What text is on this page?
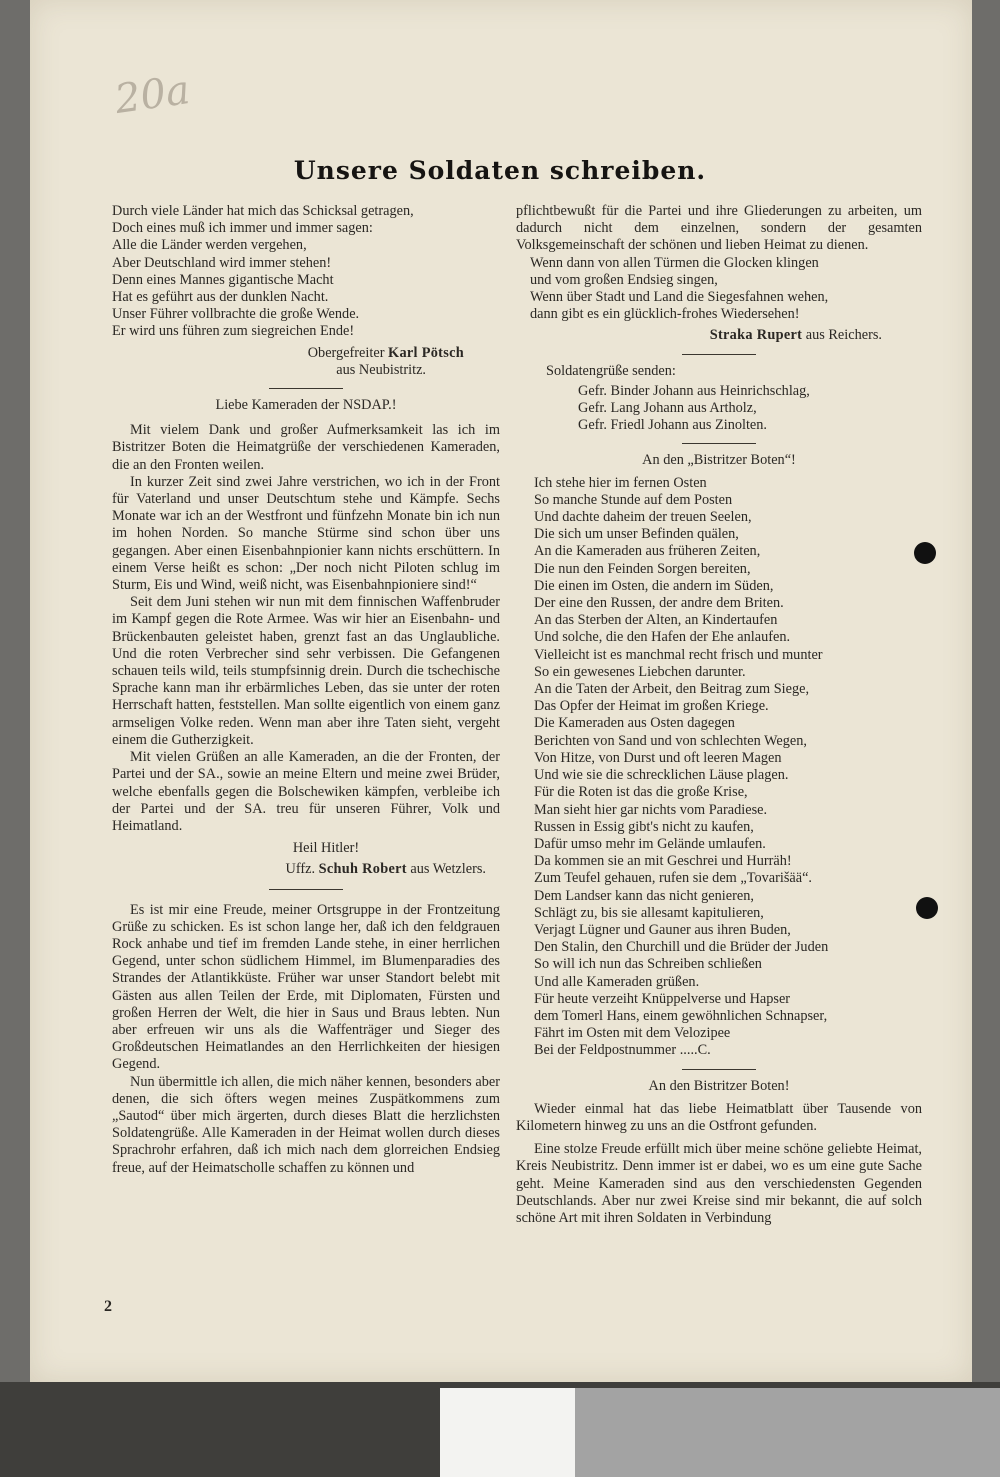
20a
Unsere Soldaten schreiben.
Durch viele Länder hat mich das Schicksal getragen,
Doch eines muß ich immer und immer sagen:
Alle die Länder werden vergehen,
Aber Deutschland wird immer stehen!
Denn eines Mannes gigantische Macht
Hat es geführt aus der dunklen Nacht.
Unser Führer vollbrachte die große Wende.
Er wird uns führen zum siegreichen Ende!

Obergefreiter Karl Pötsch

aus Neubistritz.

Liebe Kameraden der NSDAP.!

Mit vielem Dank und großer Aufmerksamkeit las ich im Bistritzer Boten die Heimatgrüße der verschiedenen Kameraden, die an den Fronten weilen.

In kurzer Zeit sind zwei Jahre verstrichen, wo ich in der Front für Vaterland und unser Deutschtum stehe und Kämpfe. Sechs Monate war ich an der Westfront und fünfzehn Monate bin ich nun im hohen Norden. So manche Stürme sind schon über uns gegangen. Aber einen Eisenbahnpionier kann nichts erschüttern. In einem Verse heißt es schon: „Der noch nicht Piloten schlug im Sturm, Eis und Wind, weiß nicht, was Eisenbahnpioniere sind!“

Seit dem Juni stehen wir nun mit dem finnischen Waffenbruder im Kampf gegen die Rote Armee. Was wir hier an Eisenbahn- und Brückenbauten geleistet haben, grenzt fast an das Unglaubliche. Und die roten Verbrecher sind sehr verbissen. Die Gefangenen schauen teils wild, teils stumpfsinnig drein. Durch die tschechische Sprache kann man ihr erbärmliches Leben, das sie unter der roten Herrschaft hatten, feststellen. Man sollte eigentlich von einem ganz armseligen Volke reden. Wenn man aber ihre Taten sieht, vergeht einem die Gutherzigkeit.

Mit vielen Grüßen an alle Kameraden, an die der Fronten, der Partei und der SA., sowie an meine Eltern und meine zwei Brüder, welche ebenfalls gegen die Bolschewiken kämpfen, verbleibe ich der Partei und der SA. treu für unseren Führer, Volk und Heimatland.

Heil Hitler!

Uffz. Schuh Robert aus Wetzlers.

Es ist mir eine Freude, meiner Ortsgruppe in der Frontzeitung Grüße zu schicken. Es ist schon lange her, daß ich den feldgrauen Rock anhabe und tief im fremden Lande stehe, in einer herrlichen Gegend, unter schon südlichem Himmel, im Blumenparadies des Strandes der Atlantikküste. Früher war unser Standort belebt mit Gästen aus allen Teilen der Erde, mit Diplomaten, Fürsten und großen Herren der Welt, die hier in Saus und Braus lebten. Nun aber erfreuen wir uns als die Waffenträger und Sieger des Großdeutschen Heimatlandes an den Herrlichkeiten der hiesigen Gegend.

Nun übermittle ich allen, die mich näher kennen, besonders aber denen, die sich öfters wegen meines Zuspätkommens zum „Sautod“ über mich ärgerten, durch dieses Blatt die herzlichsten Soldatengrüße. Alle Kameraden in der Heimat wollen durch dieses Sprachrohr erfahren, daß ich mich nach dem glorreichen Endsieg freue, auf der Heimatscholle schaffen zu können und

pflichtbewußt für die Partei und ihre Gliederungen zu arbeiten, um dadurch nicht dem einzelnen, sondern der gesamten Volksgemeinschaft der schönen und lieben Heimat zu dienen.

Wenn dann von allen Türmen die Glocken klingen
und vom großen Endsieg singen,
Wenn über Stadt und Land die Siegesfahnen wehen,
dann gibt es ein glücklich-frohes Wiedersehen!

Straka Rupert aus Reichers.

Soldatengrüße senden:

Gefr. Binder Johann aus Heinrichschlag,
Gefr. Lang Johann aus Artholz,
Gefr. Friedl Johann aus Zinolten.

An den „Bistritzer Boten“!

Ich stehe hier im fernen Osten
So manche Stunde auf dem Posten
Und dachte daheim der treuen Seelen,
Die sich um unser Befinden quälen,
An die Kameraden aus früheren Zeiten,
Die nun den Feinden Sorgen bereiten,
Die einen im Osten, die andern im Süden,
Der eine den Russen, der andre dem Briten.
An das Sterben der Alten, an Kindertaufen
Und solche, die den Hafen der Ehe anlaufen.
Vielleicht ist es manchmal recht frisch und munter
So ein gewesenes Liebchen darunter.
An die Taten der Arbeit, den Beitrag zum Siege,
Das Opfer der Heimat im großen Kriege.
Die Kameraden aus Osten dagegen
Berichten von Sand und von schlechten Wegen,
Von Hitze, von Durst und oft leeren Magen
Und wie sie die schrecklichen Läuse plagen.
Für die Roten ist das die große Krise,
Man sieht hier gar nichts vom Paradiese.
Russen in Essig gibt's nicht zu kaufen,
Dafür umso mehr im Gelände umlaufen.
Da kommen sie an mit Geschrei und Hurräh!
Zum Teufel gehauen, rufen sie dem „Tovarišää“.
Dem Landser kann das nicht genieren,
Schlägt zu, bis sie allesamt kapitulieren,
Verjagt Lügner und Gauner aus ihren Buden,
Den Stalin, den Churchill und die Brüder der Juden
So will ich nun das Schreiben schließen
Und alle Kameraden grüßen.
Für heute verzeiht Knüppelverse und Hapser
dem Tomerl Hans, einem gewöhnlichen Schnapser,
Fährt im Osten mit dem Velozipee
Bei der Feldpostnummer .....C.

An den Bistritzer Boten!

Wieder einmal hat das liebe Heimatblatt über Tausende von Kilometern hinweg zu uns an die Ostfront gefunden.

Eine stolze Freude erfüllt mich über meine schöne geliebte Heimat, Kreis Neubistritz. Denn immer ist er dabei, wo es um eine gute Sache geht. Meine Kameraden sind aus den verschiedensten Gegenden Deutschlands. Aber nur zwei Kreise sind mir bekannt, die auf solch schöne Art mit ihren Soldaten in Verbindung

2
